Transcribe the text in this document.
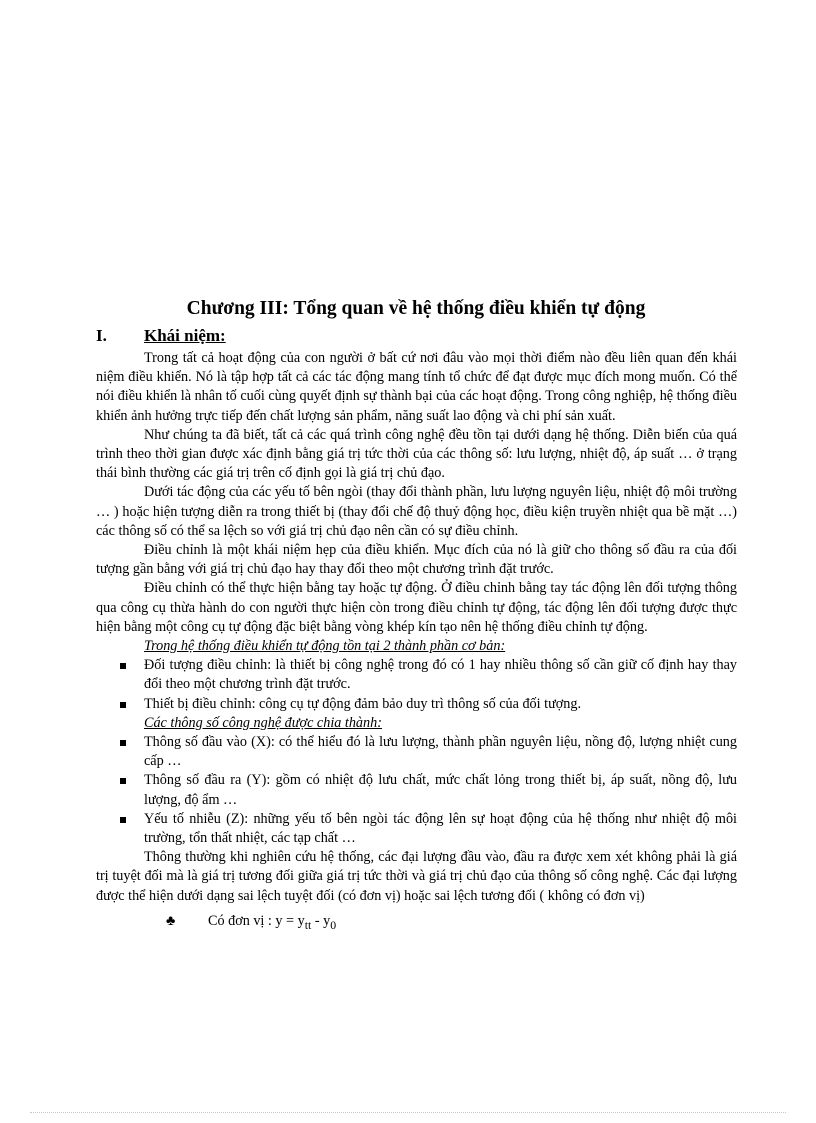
Chương III: Tổng quan về hệ thống điều khiển tự động
I. Khái niệm:

Trong tất cả hoạt động của con người ở bất cứ nơi đâu vào mọi thời điểm nào đều liên quan đến khái niệm điều khiển. Nó là tập hợp tất cả các tác động mang tính tổ chức để đạt được mục đích mong muốn. Có thể nói điều khiển là nhân tố cuối cùng quyết định sự thành bại của các hoạt động. Trong công nghiệp, hệ thống điều khiển ảnh hưởng trực tiếp đến chất lượng sản phẩm, năng suất lao động và chi phí sản xuất.

Như chúng ta đã biết, tất cả các quá trình công nghệ đều tồn tại dưới dạng hệ thống. Diễn biến của quá trình theo thời gian được xác định bằng giá trị tức thời của các thông số: lưu lượng, nhiệt độ, áp suất … ở trạng thái bình thường các giá trị trên cố định gọi là giá trị chủ đạo.

Dưới tác động của các yếu tố bên ngòi (thay đổi thành phần, lưu lượng nguyên liệu, nhiệt độ môi trường … ) hoặc hiện tượng diễn ra trong thiết bị (thay đổi chế độ thuỷ động học, điều kiện truyền nhiệt qua bề mặt …) các thông số có thể sa lệch so với giá trị chủ đạo nên cần có sự điều chỉnh.

Điều chỉnh là một khái niệm hẹp của điều khiển. Mục đích của nó là giữ cho thông số đầu ra của đối tượng gần bằng với giá trị chủ đạo hay thay đổi theo một chương trình đặt trước.

Điều chỉnh có thể thực hiện bằng tay hoặc tự động. Ở điều chỉnh bằng tay tác động lên đối tượng thông qua công cụ thừa hành do con người thực hiện còn trong điều chỉnh tự động, tác động lên đối tượng được thực hiện bằng một công cụ tự động đặc biệt bằng vòng khép kín tạo nên hệ thống điều chỉnh tự động.

Trong hệ thống điều khiển tự động tồn tại 2 thành phần cơ bản:

Đối tượng điều chỉnh: là thiết bị công nghệ trong đó có 1 hay nhiều thông số cần giữ cố định hay thay đổi theo một chương trình đặt trước.
Thiết bị điều chỉnh: công cụ tự động đảm bảo duy trì thông số của đối tượng.

Các thông số công nghệ được chia thành:

Thông số đầu vào (X): có thể hiểu đó là lưu lượng, thành phần nguyên liệu, nồng độ, lượng nhiệt cung cấp …
Thông số đầu ra (Y): gồm có nhiệt độ lưu chất, mức chất lỏng trong thiết bị, áp suất, nồng độ, lưu lượng, độ ẩm …
Yếu tố nhiễu (Z): những yếu tố bên ngòi tác động lên sự hoạt động của hệ thống như nhiệt độ môi trường, tổn thất nhiệt, các tạp chất …

Thông thường khi nghiên cứu hệ thống, các đại lượng đầu vào, đầu ra được xem xét không phải là giá trị tuyệt đối mà là giá trị tương đối giữa giá trị tức thời và giá trị chủ đạo của thông số công nghệ. Các đại lượng được thể hiện dưới dạng sai lệch tuyệt đối (có đơn vị) hoặc sai lệch tương đối ( không có đơn vị)

♣ Có đơn vị : $y = y_{tt} - y_0$
